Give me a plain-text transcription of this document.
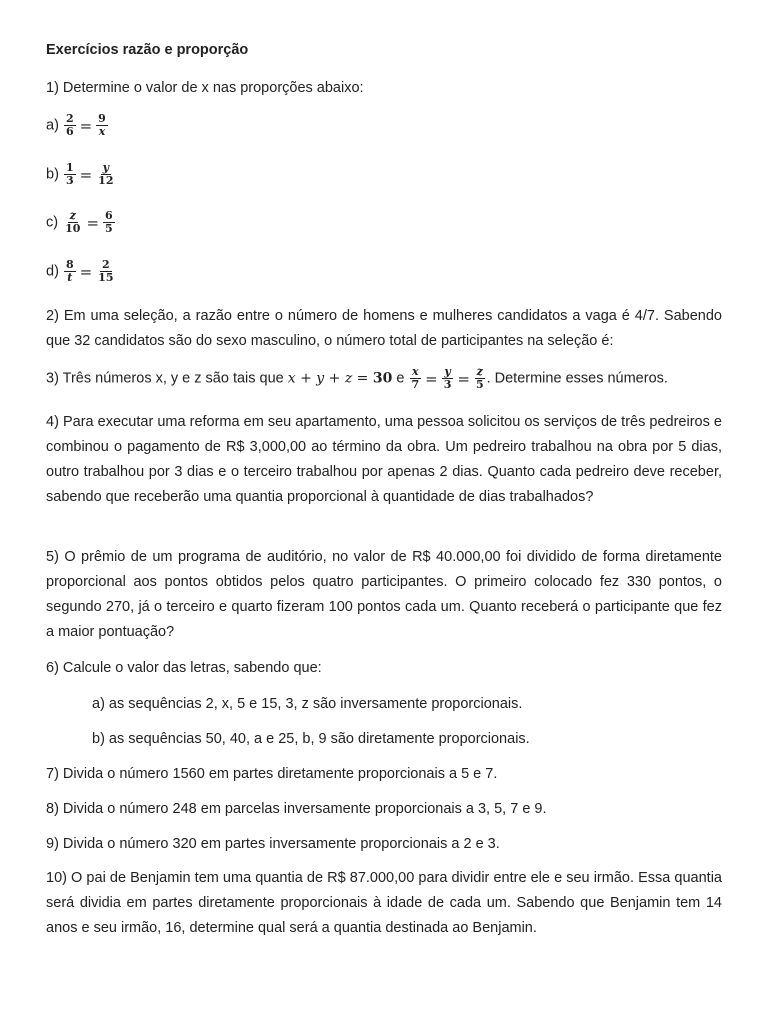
Exercícios razão e proporção

1) Determine o valor de x nas proporções abaixo:

$a) \frac{2}{6} = \frac{9}{x}$
$b) \frac{1}{3} = \frac{y}{12}$
$c) \frac{z}{10} = \frac{6}{5}$
$d) \frac{8}{t} = \frac{2}{15}$

2) Em uma seleção, a razão entre o número de homens e mulheres candidatos a vaga é 4/7. Sabendo que 32 candidatos são do sexo masculino, o número total de participantes na seleção é:

3) Três números x, y e z são tais que x + y + z = 30 e $\frac{x}{7} = \frac{y}{3} = \frac{z}{5}$ . Determine esses números.

4) Para executar uma reforma em seu apartamento, uma pessoa solicitou os serviços de três pedreiros e combinou o pagamento de R$ 3,000,00 ao término da obra. Um pedreiro trabalhou na obra por 5 dias, outro trabalhou por 3 dias e o terceiro trabalhou por apenas 2 dias. Quanto cada pedreiro deve receber, sabendo que receberão uma quantia proporcional à quantidade de dias trabalhados?

5) O prêmio de um programa de auditório, no valor de R$ 40.000,00 foi dividido de forma diretamente proporcional aos pontos obtidos pelos quatro participantes. O primeiro colocado fez 330 pontos, o segundo 270, já o terceiro e quarto fizeram 100 pontos cada um. Quanto receberá o participante que fez a maior pontuação?

6) Calcule o valor das letras, sabendo que:

a) as sequências 2, x, 5 e 15, 3, z são inversamente proporcionais.

b) as sequências 50, 40, a e 25, b, 9 são diretamente proporcionais.

7) Divida o número 1560 em partes diretamente proporcionais a 5 e 7.

8) Divida o número 248 em parcelas inversamente proporcionais a 3, 5, 7 e 9.

9) Divida o número 320 em partes inversamente proporcionais a 2 e 3.

10) O pai de Benjamin tem uma quantia de R$ 87.000,00 para dividir entre ele e seu irmão. Essa quantia será dividia em partes diretamente proporcionais à idade de cada um. Sabendo que Benjamin tem 14 anos e seu irmão, 16, determine qual será a quantia destinada ao Benjamin.
